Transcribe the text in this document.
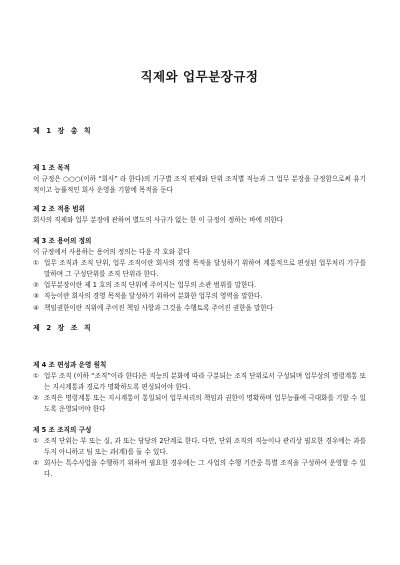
직제와 업무분장규정
제 1 장 총 칙
제 1 조 목적

이 규정은 ○○○(이하 “회사” 라 한다)의 기구별 조직 편제와 단위 조직별 직능과 그 업무 분장을 규정함으로써 유기적이고 능률적인 회사 운영을 기함에 목적을 둔다

제 2 조 적용 범위

회사의 직제와 업무 분장에 관하여 별도의 사규가 없는 한 이 규정이 정하는 바에 의한다

제 3 조 용어의 정의

이 규정에서 사용하는 용어의 정의는 다음 각 호와 같다

① 업무 조직과 조직 단위, 업무 조직이란 회사의 경영 목적을 달성하기 위하여 계통적으로 편성된 업무처리 기구를 말하며 그 구성단위를 조직 단위라 한다.
② 업무분장이란 제 1 호의 조직 단위에 주어지는 업무의 소관 범위를 말한다.
③ 직능이란 회사의 경영 목적을 달성하기 위하여 분화한 업무의 영역을 말한다.
④ 책임권한이란 직위에 주어진 책임 사항과 그것을 수행토록 주어진 권한을 말한다
제 2 장 조 직
제 4 조 편성과 운영 원칙
① 업무 조직 (이하 “조직”이라 한다)은 직능의 분화에 따라 구분되는 조직 단위로서 구성되며 업무상의 명령계통 또는 지시계통과 경로가 명확하도록 편성되어야 한다.
② 조직은 명령계통 또는 지시계통이 통일되어 업무처리의 책임과 권한이 명확하며 업무능률에 극대화를 기할 수 있도록 운영되어야 한다
제 5 조 조직의 구성
① 조직 단위는 부 또는 실, 과 또는 담당의 2단계로 한다. 다만, 단위 조직의 직능이나 관리상 필요한 경우에는 과를 두지 아니하고 팀 또는 과(계)를 둘 수 있다.
② 회사는 특수사업을 수행하기 위하여 필요한 경우에는 그 사업의 수행 기간중 특별 조직을 구성하여 운영할 수 있다.
